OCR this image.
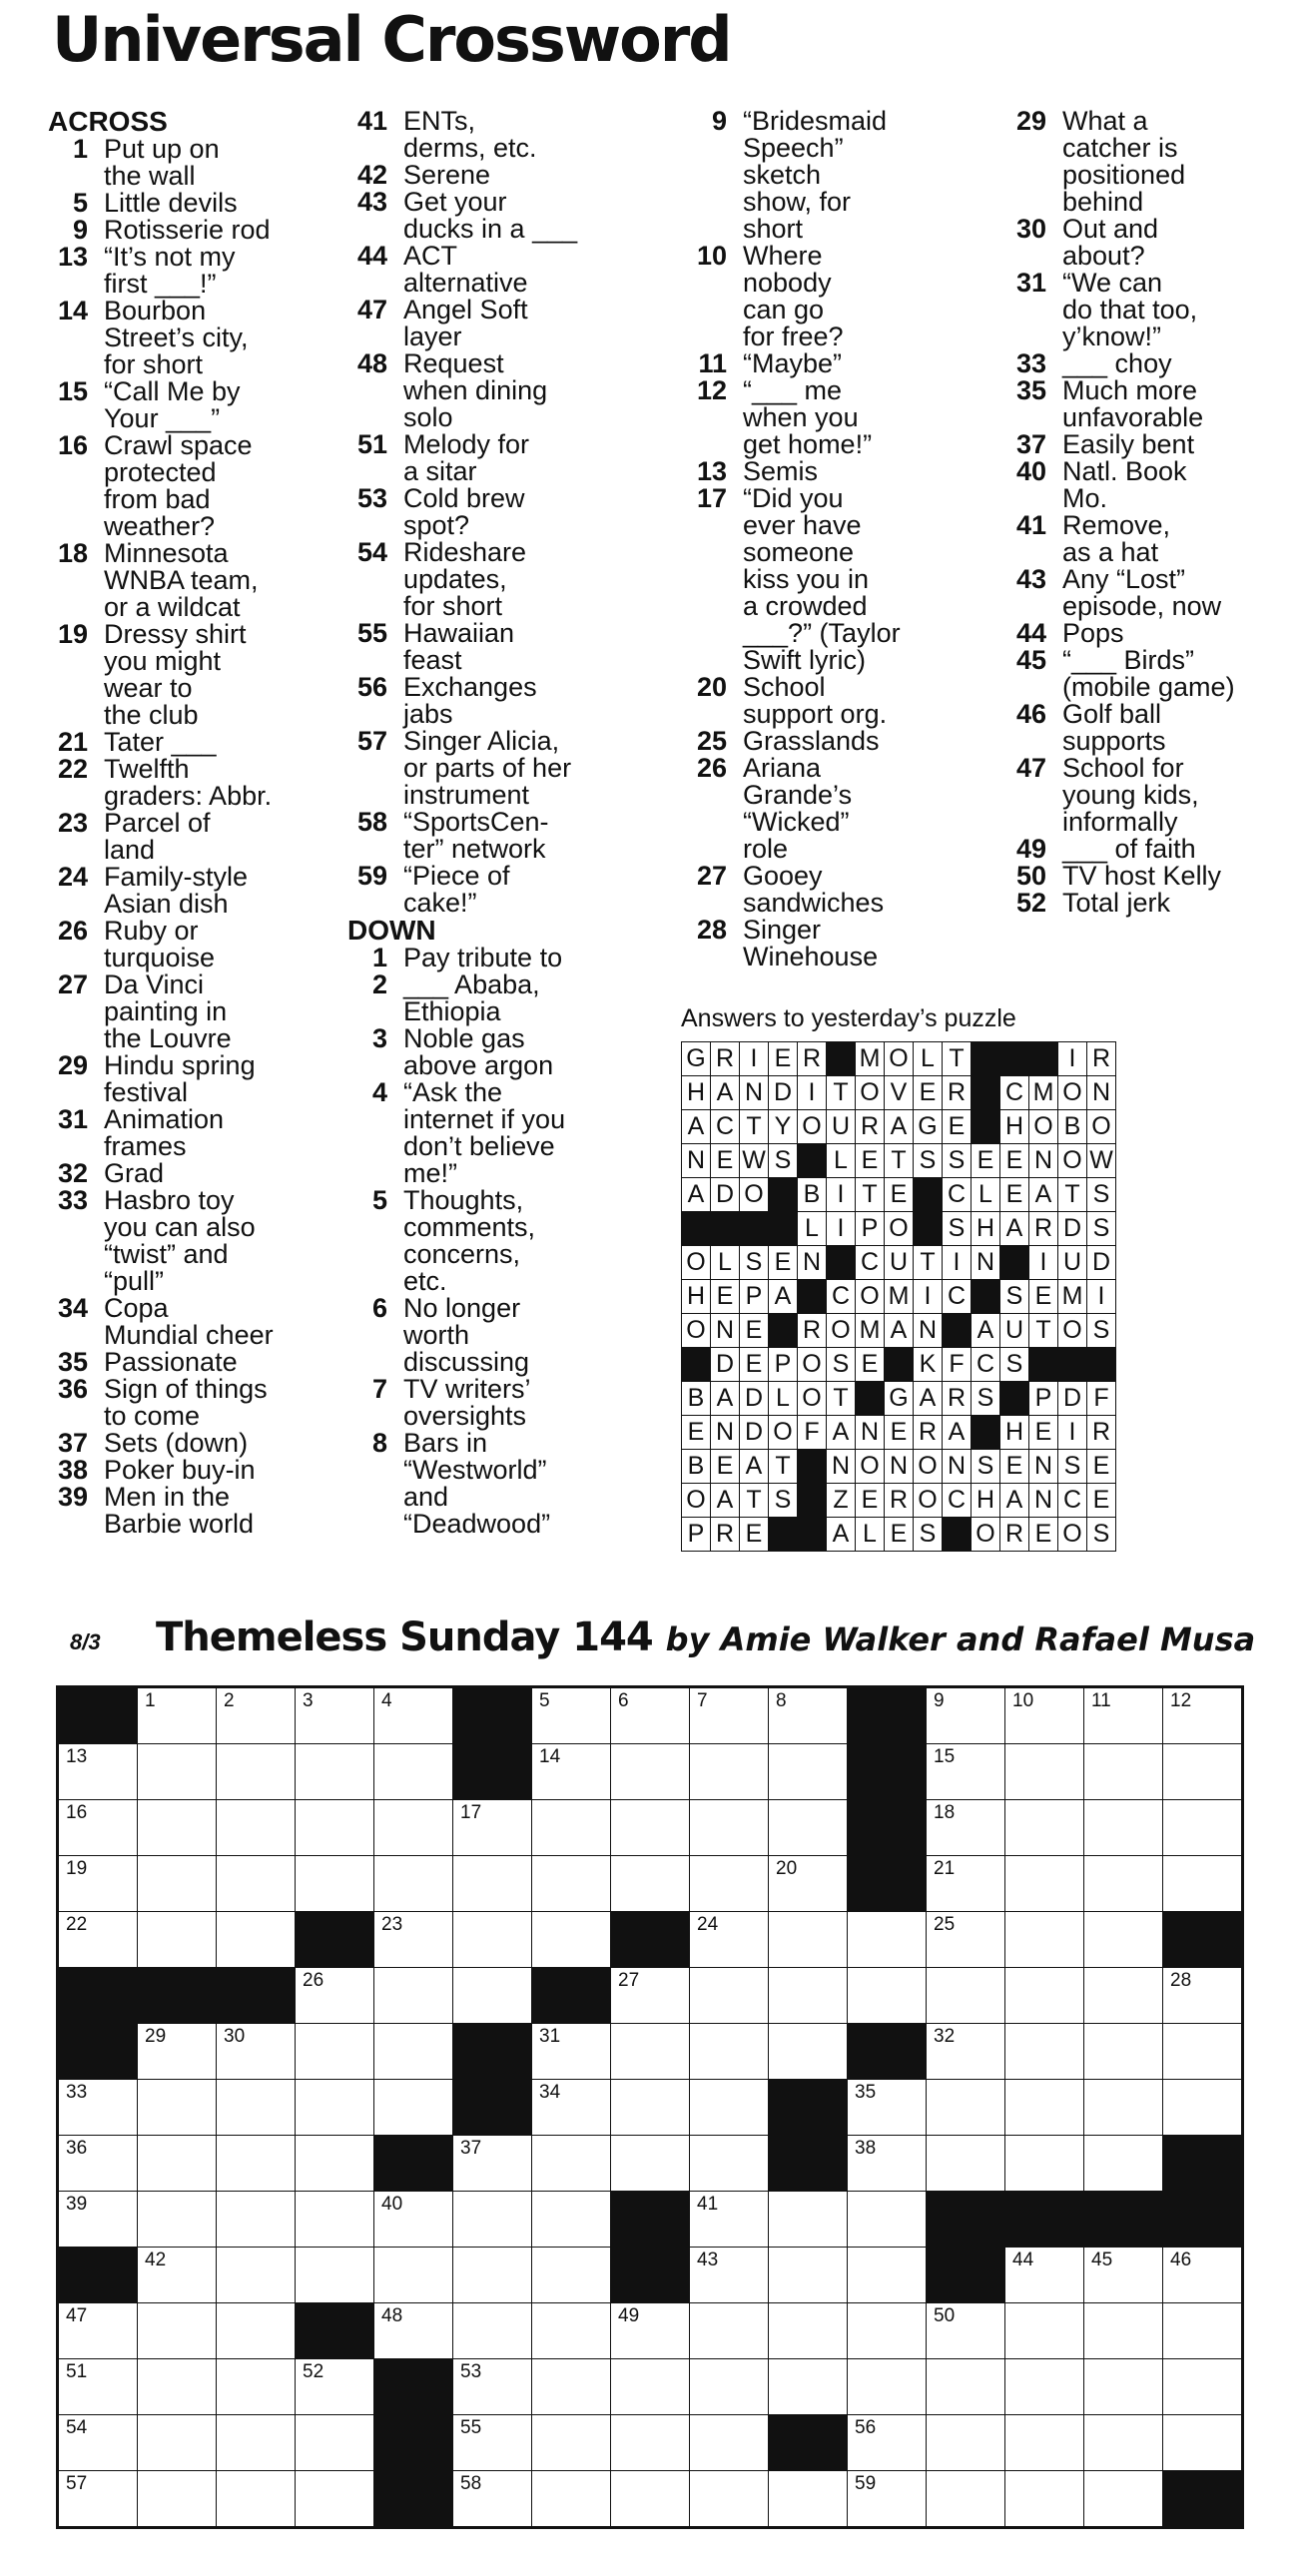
Universal Crossword
ACROSS
1 Put up on
the wall
5 Little devils
9 Rotisserie rod
13 “It’s not my
first ___!”
14 Bourbon
Street’s city,
for short
15 “Call Me by
Your ___”
16 Crawl space
protected
from bad
weather?
18 Minnesota
WNBA team,
or a wildcat
19 Dressy shirt
you might
wear to
the club
21 Tater ___
22 Twelfth
graders: Abbr.
23 Parcel of
land
24 Family-style
Asian dish
26 Ruby or
turquoise
27 Da Vinci
painting in
the Louvre
29 Hindu spring
festival
31 Animation
frames
32 Grad
33 Hasbro toy
you can also
“twist” and
“pull”
34 Copa
Mundial cheer
35 Passionate
36 Sign of things
to come
37 Sets (down)
38 Poker buy-in
39 Men in the
Barbie world
41 ENTs,
derms, etc.
42 Serene
43 Get your
ducks in a ___
44 ACT
alternative
47 Angel Soft
layer
48 Request
when dining
solo
51 Melody for
a sitar
53 Cold brew
spot?
54 Rideshare
updates,
for short
55 Hawaiian
feast
56 Exchanges
jabs
57 Singer Alicia,
or parts of her
instrument
58 “SportsCen-
ter” network
59 “Piece of
cake!”
DOWN
1 Pay tribute to
2 ___ Ababa,
Ethiopia
3 Noble gas
above argon
4 “Ask the
internet if you
don’t believe
me!”
5 Thoughts,
comments,
concerns,
etc.
6 No longer
worth
discussing
7 TV writers’
oversights
8 Bars in
“Westworld”
and
“Deadwood”
9 “Bridesmaid
Speech”
sketch
show, for
short
10 Where
nobody
can go
for free?
11 “Maybe”
12 “___ me
when you
get home!”
13 Semis
17 “Did you
ever have
someone
kiss you in
a crowded
___?” (Taylor
Swift lyric)
20 School
support org.
25 Grasslands
26 Ariana
Grande’s
“Wicked”
role
27 Gooey
sandwiches
28 Singer
Winehouse
29 What a
catcher is
positioned
behind
30 Out and
about?
31 “We can
do that too,
y’know!”
33 ___ choy
35 Much more
unfavorable
37 Easily bent
40 Natl. Book
Mo.
41 Remove,
as a hat
43 Any “Lost”
episode, now
44 Pops
45 “___ Birds”
(mobile game)
46 Golf ball
supports
47 School for
young kids,
informally
49 ___ of faith
50 TV host Kelly
52 Total jerk
Answers to yesterday’s puzzle
G	R	I	E	R		M	O	L	T				I	R
H	A	N	D	I	T	O	V	E	R		C	M	O	N
A	C	T	Y	O	U	R	A	G	E		H	O	B	O
N	E	W	S		L	E	T	S	S	E	E	N	O	W
A	D	O		B	I	T	E		C	L	E	A	T	S
				L	I	P	O		S	H	A	R	D	S
O	L	S	E	N		C	U	T	I	N		I	U	D
H	E	P	A		C	O	M	I	C		S	E	M	I
O	N	E		R	O	M	A	N		A	U	T	O	S
	D	E	P	O	S	E		K	F	C	S			
B	A	D	L	O	T		G	A	R	S		P	D	F
E	N	D	O	F	A	N	E	R	A		H	E	I	R
B	E	A	T		N	O	N	O	N	S	E	N	S	E
O	A	T	S		Z	E	R	O	C	H	A	N	C	E
P	R	E			A	L	E	S		O	R	E	O	S
8/3 Themeless Sunday 144 by Amie Walker and Rafael Musa

	1	2	3	4		5	6	7	8		9	10	11	12

13						14					15			

16					17						18			

19									20		21			

22				23				24			25			

			26				27							28

	29	30				31					32			

33						34				35				

36					37					38				

39				40				41						

	42							43				44	45	46

47				48			49				50			

51			52		53									

54					55					56				

57					58					59				
